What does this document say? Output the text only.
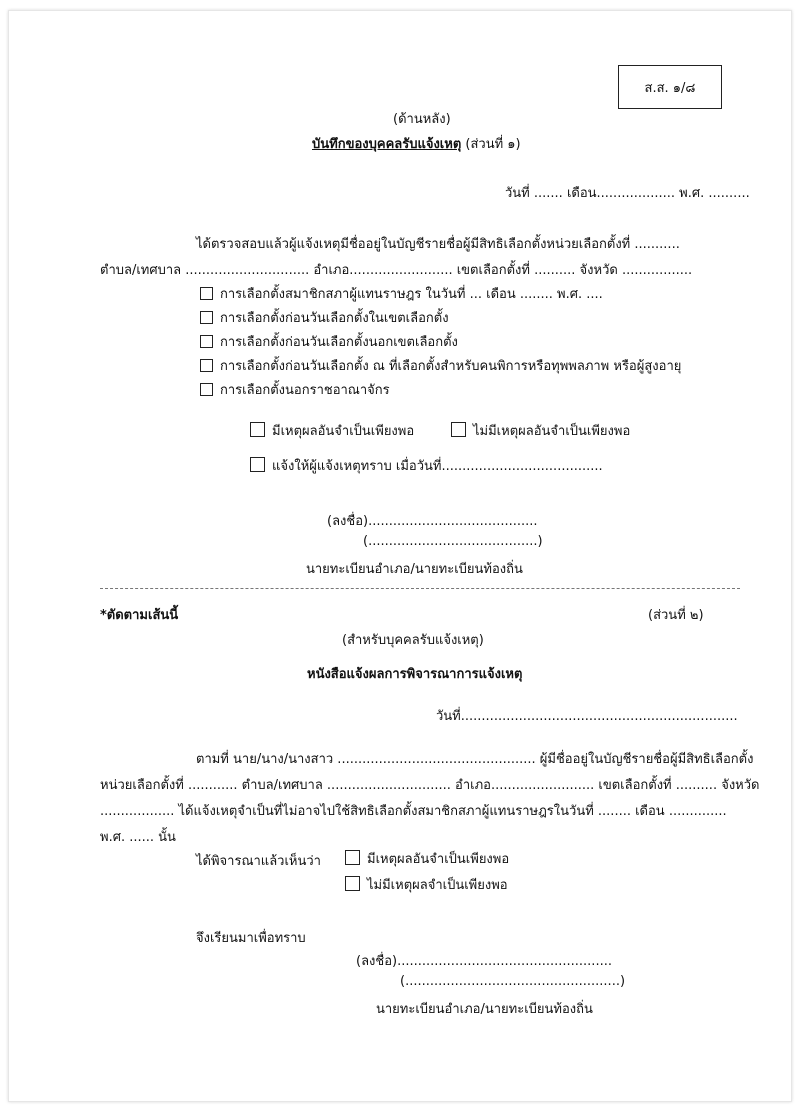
ส.ส. ๑/๘
(ด้านหลัง)
บันทึกของบุคคลรับแจ้งเหตุ (ส่วนที่ ๑)
วันที่ ....... เดือน................... พ.ศ. ..........
ได้ตรวจสอบแล้วผู้แจ้งเหตุมีชื่ออยู่ในบัญชีรายชื่อผู้มีสิทธิเลือกตั้งหน่วยเลือกตั้งที่ ...........
ตำบล/เทศบาล .............................. อำเภอ......................... เขตเลือกตั้งที่ .......... จังหวัด .................
การเลือกตั้งสมาชิกสภาผู้แทนราษฎร ในวันที่ ... เดือน ........ พ.ศ. ....
การเลือกตั้งก่อนวันเลือกตั้งในเขตเลือกตั้ง
การเลือกตั้งก่อนวันเลือกตั้งนอกเขตเลือกตั้ง
การเลือกตั้งก่อนวันเลือกตั้ง ณ ที่เลือกตั้งสำหรับคนพิการหรือทุพพลภาพ หรือผู้สูงอายุ
การเลือกตั้งนอกราชอาณาจักร
มีเหตุผลอันจำเป็นเพียงพอ	ไม่มีเหตุผลอันจำเป็นเพียงพอ
แจ้งให้ผู้แจ้งเหตุทราบ เมื่อวันที่.......................................
(ลงชื่อ).........................................
(.........................................)
นายทะเบียนอำเภอ/นายทะเบียนท้องถิ่น
*ตัดตามเส้นนี้	(ส่วนที่ ๒)
(สำหรับบุคคลรับแจ้งเหตุ)
หนังสือแจ้งผลการพิจารณาการแจ้งเหตุ
วันที่...................................................................
ตามที่ นาย/นาง/นางสาว ................................................ ผู้มีชื่ออยู่ในบัญชีรายชื่อผู้มีสิทธิเลือกตั้ง
หน่วยเลือกตั้งที่ ............ ตำบล/เทศบาล .............................. อำเภอ......................... เขตเลือกตั้งที่ .......... จังหวัด
.................. ได้แจ้งเหตุจำเป็นที่ไม่อาจไปใช้สิทธิเลือกตั้งสมาชิกสภาผู้แทนราษฎรในวันที่ ........ เดือน ..............
พ.ศ. ...... นั้น
ได้พิจารณาแล้วเห็นว่า	มีเหตุผลอันจำเป็นเพียงพอ
ไม่มีเหตุผลจำเป็นเพียงพอ
จึงเรียนมาเพื่อทราบ
(ลงชื่อ)....................................................
(....................................................)
นายทะเบียนอำเภอ/นายทะเบียนท้องถิ่น
